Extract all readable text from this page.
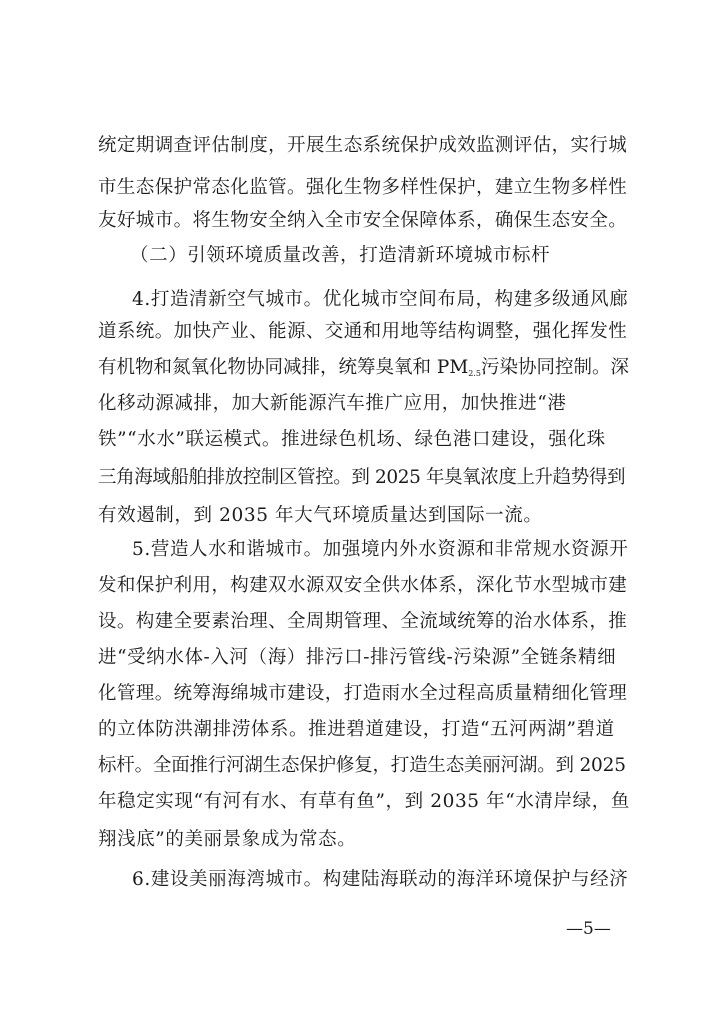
统定期调查评估制度，开展生态系统保护成效监测评估，实行城
市生态保护常态化监管。强化生物多样性保护，建立生物多样性
友好城市。将生物安全纳入全市安全保障体系，确保生态安全。
（二）引领环境质量改善，打造清新环境城市标杆
4.打造清新空气城市。优化城市空间布局，构建多级通风廊
道系统。加快产业、能源、交通和用地等结构调整，强化挥发性
有机物和氮氧化物协同减排，统筹臭氧和 $PM_{2.5}$污染协同控制。深
化移动源减排，加大新能源汽车推广应用，加快推进“港
铁”“水水”联运模式。推进绿色机场、绿色港口建设，强化珠
三角海域船舶排放控制区管控。到 2025 年臭氧浓度上升趋势得到
有效遏制，到 2035 年大气环境质量达到国际一流。
5.营造人水和谐城市。加强境内外水资源和非常规水资源开
发和保护利用，构建双水源双安全供水体系，深化节水型城市建
设。构建全要素治理、全周期管理、全流域统筹的治水体系，推
进“受纳水体-入河（海）排污口-排污管线-污染源”全链条精细
化管理。统筹海绵城市建设，打造雨水全过程高质量精细化管理
的立体防洪潮排涝体系。推进碧道建设，打造“五河两湖”碧道
标杆。全面推行河湖生态保护修复，打造生态美丽河湖。到 2025
年稳定实现“有河有水、有草有鱼”，到 2035 年“水清岸绿，鱼
翔浅底”的美丽景象成为常态。
6.建设美丽海湾城市。构建陆海联动的海洋环境保护与经济
—5—
